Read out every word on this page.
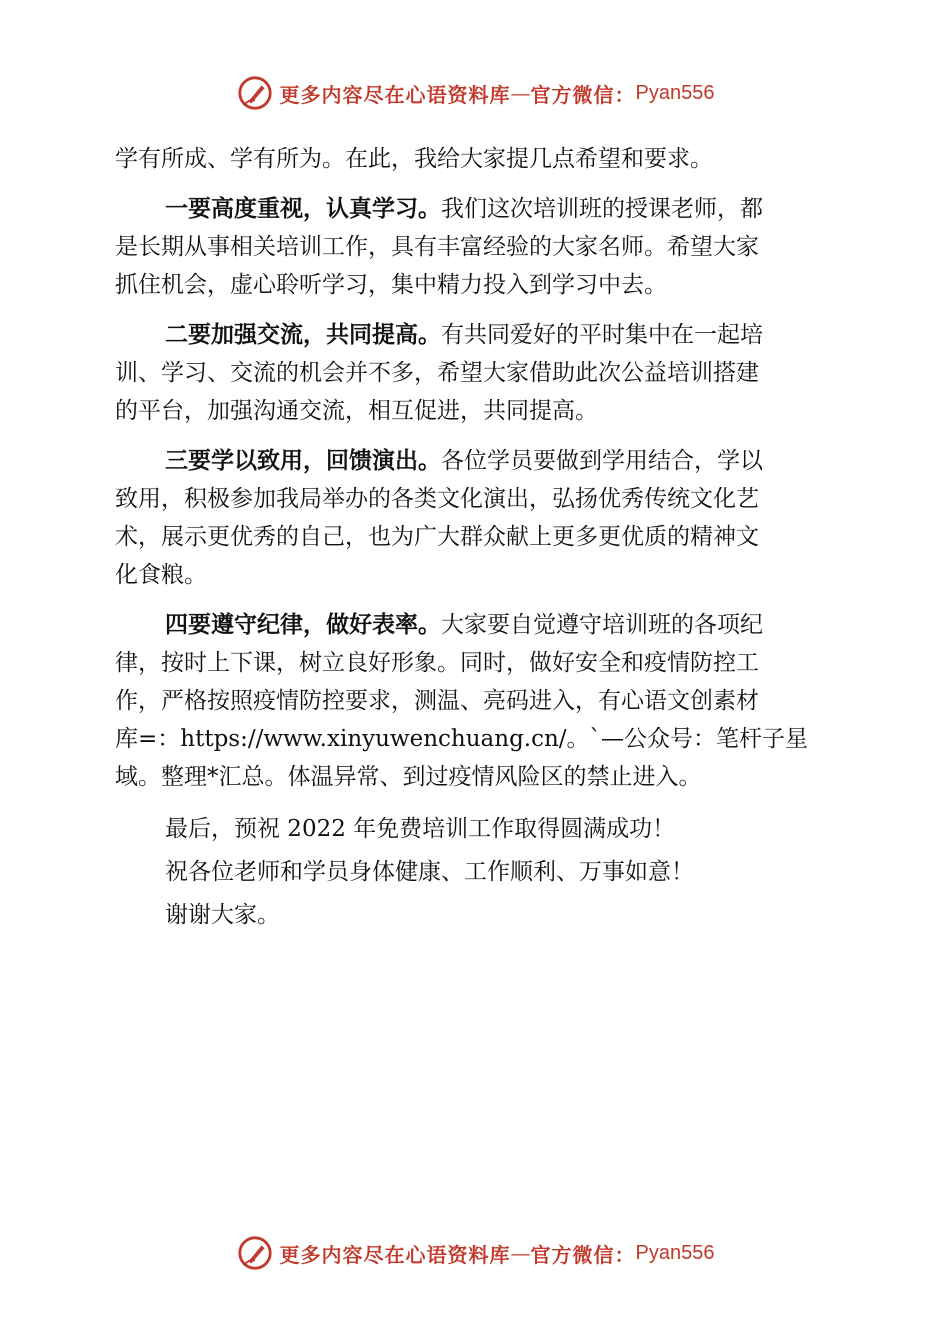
更多内容尽在心语资料库 — 官方微信： Pyan556
学有所成、学有所为。在此，我给大家提几点希望和要求。
一要高度重视，认真学习。我们这次培训班的授课老师，都
是长期从事相关培训工作，具有丰富经验的大家名师。希望大家
抓住机会，虚心聆听学习，集中精力投入到学习中去。
二要加强交流，共同提高。有共同爱好的平时集中在一起培
训、学习、交流的机会并不多，希望大家借助此次公益培训搭建
的平台，加强沟通交流，相互促进，共同提高。
三要学以致用，回馈演出。各位学员要做到学用结合，学以
致用，积极参加我局举办的各类文化演出，弘扬优秀传统文化艺
术，展示更优秀的自己，也为广大群众献上更多更优质的精神文
化食粮。
四要遵守纪律，做好表率。大家要自觉遵守培训班的各项纪
律，按时上下课，树立良好形象。同时，做好安全和疫情防控工
作，严格按照疫情防控要求，测温、亮码进入，有心语文创素材
库=：https://www.xinyuwenchuang.cn/。`—公众号：笔杆子星
域。整理*汇总。体温异常、到过疫情风险区的禁止进入。
最后，预祝 2022 年免费培训工作取得圆满成功！
祝各位老师和学员身体健康、工作顺利、万事如意！
谢谢大家。
更多内容尽在心语资料库 — 官方微信： Pyan556
